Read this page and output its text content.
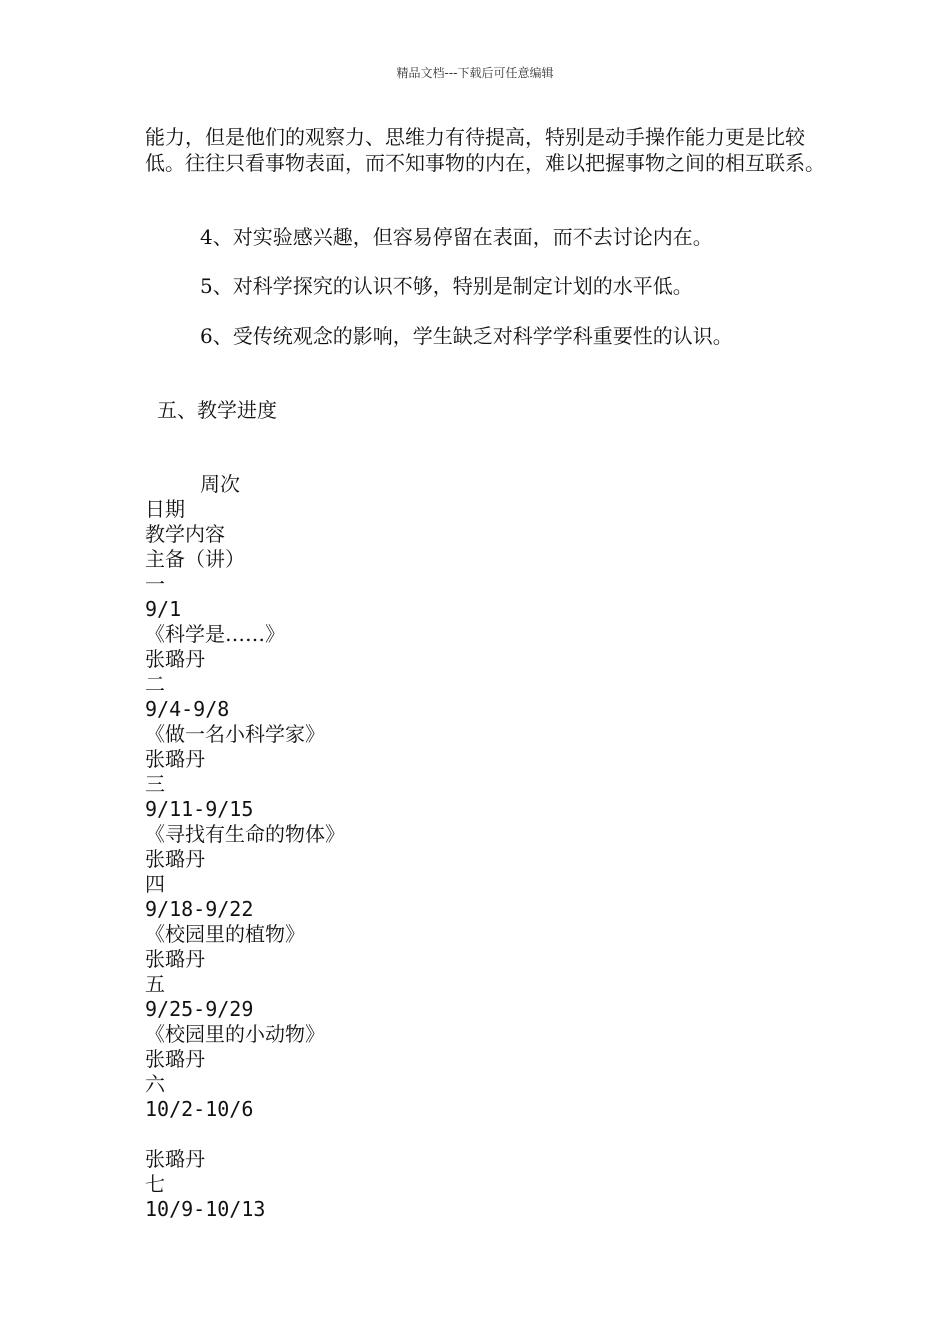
精品文档---下载后可任意编辑
能力，但是他们的观察力、思维力有待提高，特别是动手操作能力更是比较低。往往只看事物表面，而不知事物的内在，难以把握事物之间的相互联系。
4、对实验感兴趣，但容易停留在表面，而不去讨论内在。
5、对科学探究的认识不够，特别是制定计划的水平低。
6、受传统观念的影响，学生缺乏对科学学科重要性的认识。
五、教学进度
周次
日期
教学内容
主备（讲）
一
9/1
《科学是……》
张璐丹
二
9/4-9/8
《做一名小科学家》
张璐丹
三
9/11-9/15
《寻找有生命的物体》
张璐丹
四
9/18-9/22
《校园里的植物》
张璐丹
五
9/25-9/29
《校园里的小动物》
张璐丹
六
10/2-10/6
张璐丹
七
10/9-10/13
